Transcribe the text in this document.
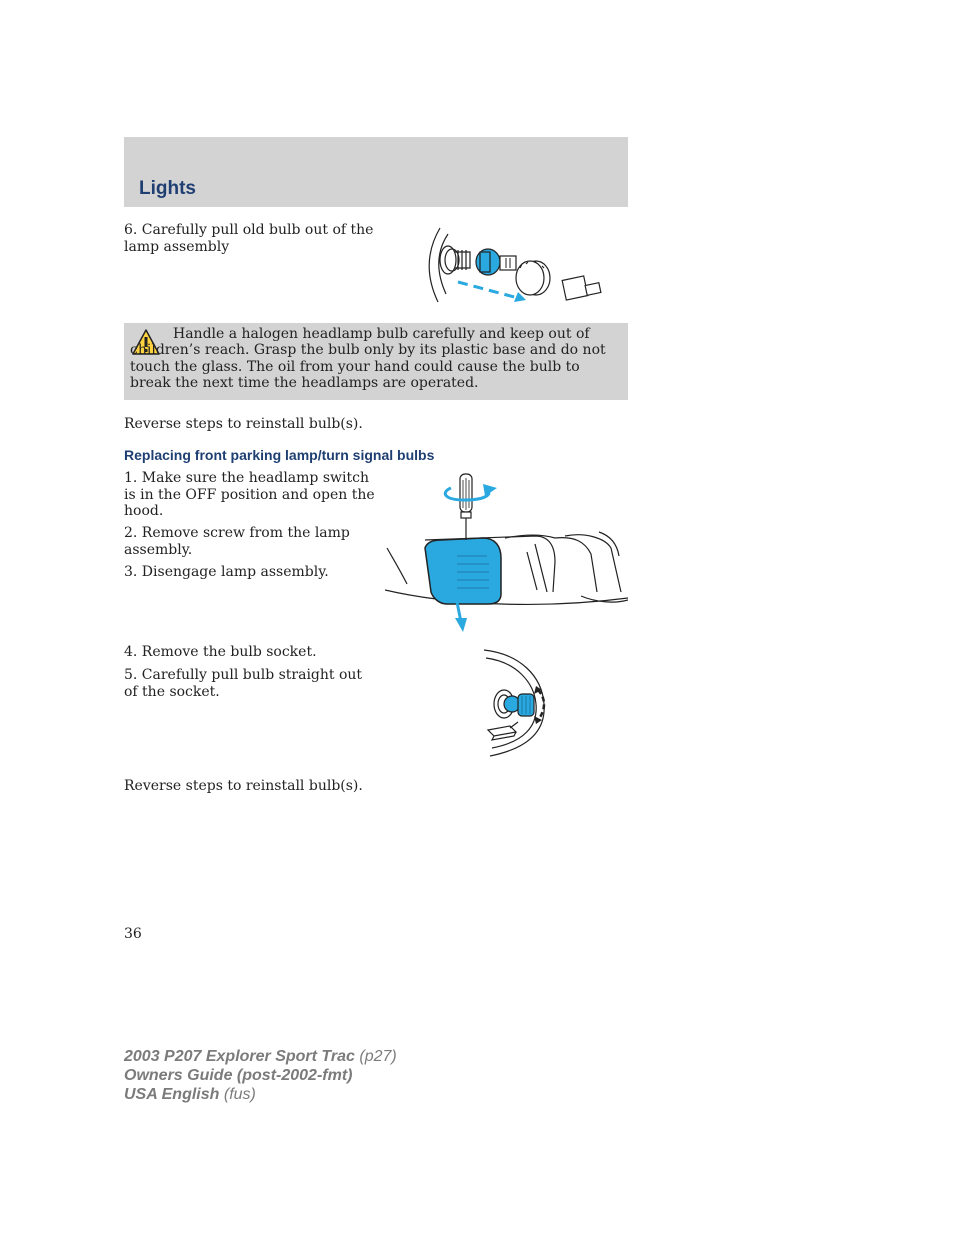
Lights
6. Carefully pull old bulb out of the lamp assembly
Handle a halogen headlamp bulb carefully and keep out of children’s reach. Grasp the bulb only by its plastic base and do not touch the glass. The oil from your hand could cause the bulb to break the next time the headlamps are operated.
Reverse steps to reinstall bulb(s).
Replacing front parking lamp/turn signal bulbs
1. Make sure the headlamp switch is in the OFF position and open the hood.
2. Remove screw from the lamp assembly.
3. Disengage lamp assembly.
4. Remove the bulb socket.
5. Carefully pull bulb straight out of the socket.
Reverse steps to reinstall bulb(s).
36
2003 P207 Explorer Sport Trac (p27)
Owners Guide (post-2002-fmt)
USA English (fus)
